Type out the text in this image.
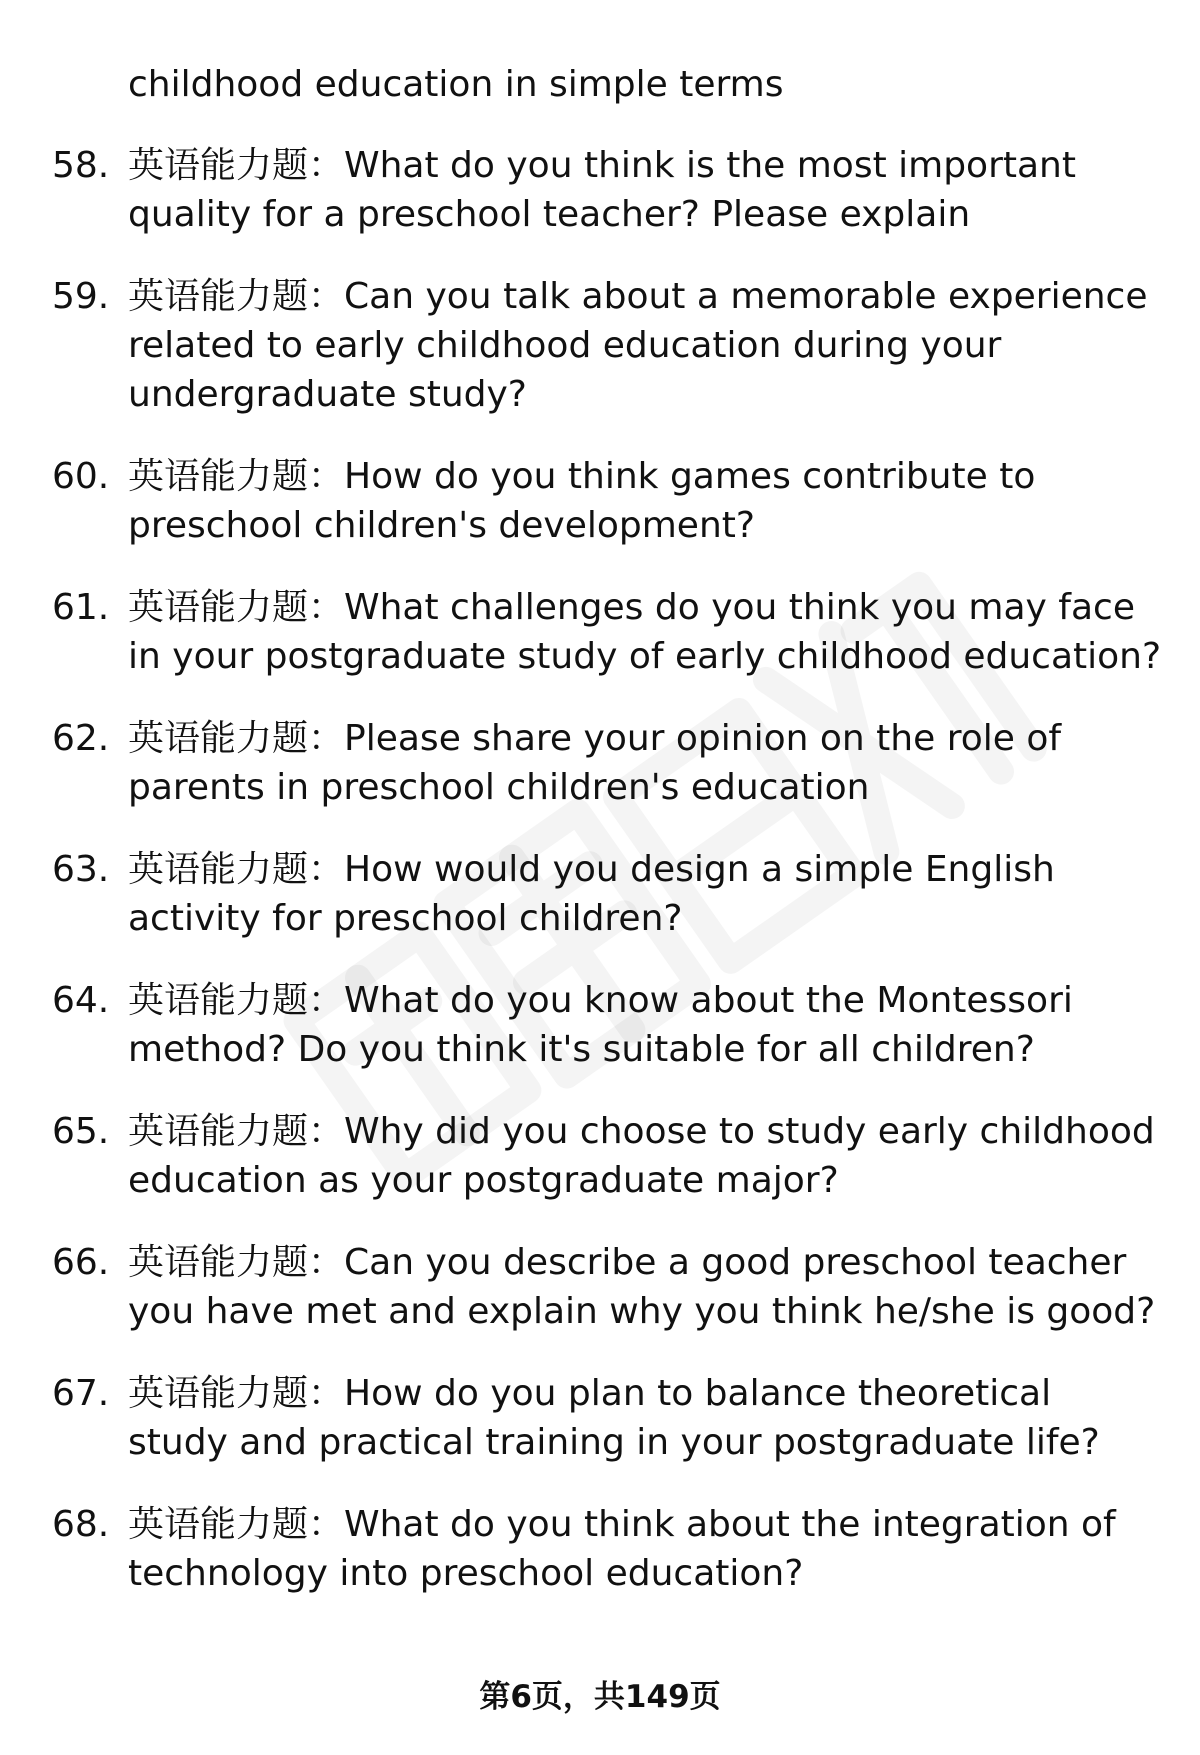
childhood education in simple terms
58. 英语能力题：What do you think is the most important quality for a preschool teacher? Please explain
59. 英语能力题：Can you talk about a memorable experience related to early childhood education during your undergraduate study?
60. 英语能力题：How do you think games contribute to preschool children's development?
61. 英语能力题：What challenges do you think you may face in your postgraduate study of early childhood education?
62. 英语能力题：Please share your opinion on the role of parents in preschool children's education
63. 英语能力题：How would you design a simple English activity for preschool children?
64. 英语能力题：What do you know about the Montessori method? Do you think it's suitable for all children?
65. 英语能力题：Why did you choose to study early childhood education as your postgraduate major?
66. 英语能力题：Can you describe a good preschool teacher you have met and explain why you think he/she is good?
67. 英语能力题：How do you plan to balance theoretical study and practical training in your postgraduate life?
68. 英语能力题：What do you think about the integration of technology into preschool education?
第6页，共149页
